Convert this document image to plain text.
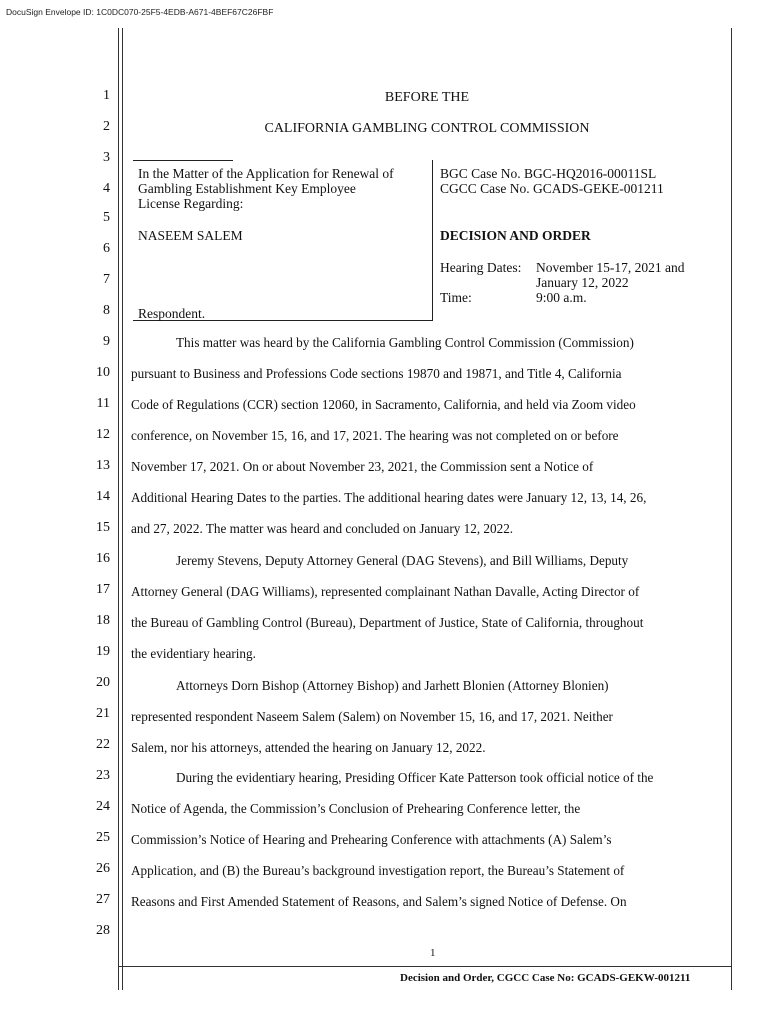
DocuSign Envelope ID: 1C0DC070-25F5-4EDB-A671-4BEF67C26FBF
1
2
3
4
5
6
7
8
9
10
11
12
13
14
15
16
17
18
19
20
21
22
23
24
25
26
27
28
BEFORE THE
CALIFORNIA GAMBLING CONTROL COMMISSION
In the Matter of the Application for Renewal of
Gambling Establishment Key Employee
License Regarding:
NASEEM SALEM
Respondent.
BGC Case No. BGC-HQ2016-00011SL
CGCC Case No. GCADS-GEKE-001211
DECISION AND ORDER
Hearing Dates: November 15-17, 2021 and
January 12, 2022
Time:	9:00 a.m.
This matter was heard by the California Gambling Control Commission (Commission)
pursuant to Business and Professions Code sections 19870 and 19871, and Title 4, California
Code of Regulations (CCR) section 12060, in Sacramento, California, and held via Zoom video
conference, on November 15, 16, and 17, 2021. The hearing was not completed on or before
November 17, 2021. On or about November 23, 2021, the Commission sent a Notice of
Additional Hearing Dates to the parties. The additional hearing dates were January 12, 13, 14, 26,
and 27, 2022. The matter was heard and concluded on January 12, 2022.
Jeremy Stevens, Deputy Attorney General (DAG Stevens), and Bill Williams, Deputy
Attorney General (DAG Williams), represented complainant Nathan Davalle, Acting Director of
the Bureau of Gambling Control (Bureau), Department of Justice, State of California, throughout
the evidentiary hearing.
Attorneys Dorn Bishop (Attorney Bishop) and Jarhett Blonien (Attorney Blonien)
represented respondent Naseem Salem (Salem) on November 15, 16, and 17, 2021. Neither
Salem, nor his attorneys, attended the hearing on January 12, 2022.
During the evidentiary hearing, Presiding Officer Kate Patterson took official notice of the
Notice of Agenda, the Commission’s Conclusion of Prehearing Conference letter, the
Commission’s Notice of Hearing and Prehearing Conference with attachments (A) Salem’s
Application, and (B) the Bureau’s background investigation report, the Bureau’s Statement of
Reasons and First Amended Statement of Reasons, and Salem’s signed Notice of Defense. On
1
Decision and Order, CGCC Case No: GCADS-GEKW-001211
